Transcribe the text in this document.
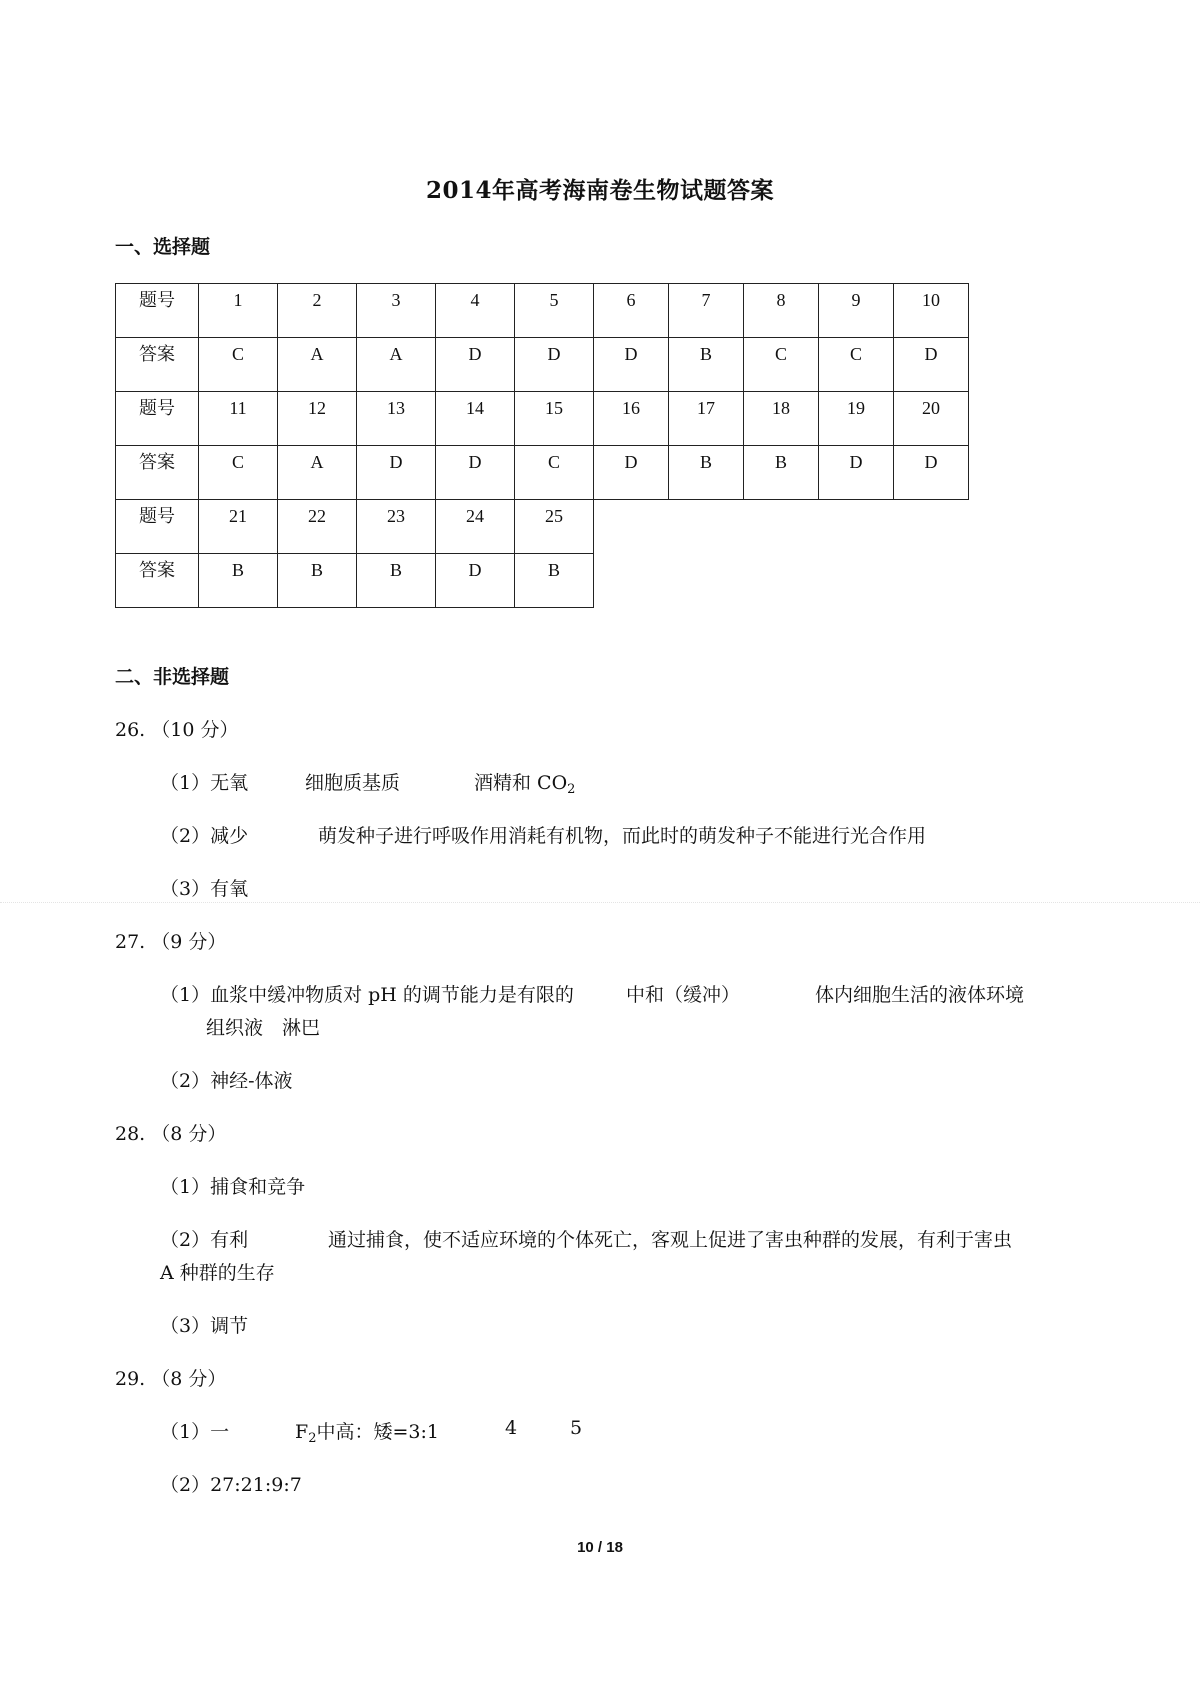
2014年高考海南卷生物试题答案
一、选择题
题号	1	2	3	4	5	6	7	8	9	10
答案	C	A	A	D	D	D	B	C	C	D
题号	11	12	13	14	15	16	17	18	19	20
答案	C	A	D	D	C	D	B	B	D	D
题号	21	22	23	24	25					
答案	B	B	B	D	B					
二、非选择题
26. （10 分）
（1）无氧	细胞质基质	酒精和 $CO_2$
（2）减少	萌发种子进行呼吸作用消耗有机物，而此时的萌发种子不能进行光合作用
（3）有氧
27. （9 分）
（1）血浆中缓冲物质对 pH 的调节能力是有限的	中和（缓冲）	体内细胞生活的液体环境
组织液　淋巴
（2）神经-体液
28. （8 分）
（1）捕食和竞争
（2）有利	通过捕食，使不适应环境的个体死亡，客观上促进了害虫种群的发展，有利于害虫
A 种群的生存
（3）调节
29. （8 分）
（1）一	$F_2$中高：矮=3:1	4	5
（2）27:21:9:7
10 / 18
